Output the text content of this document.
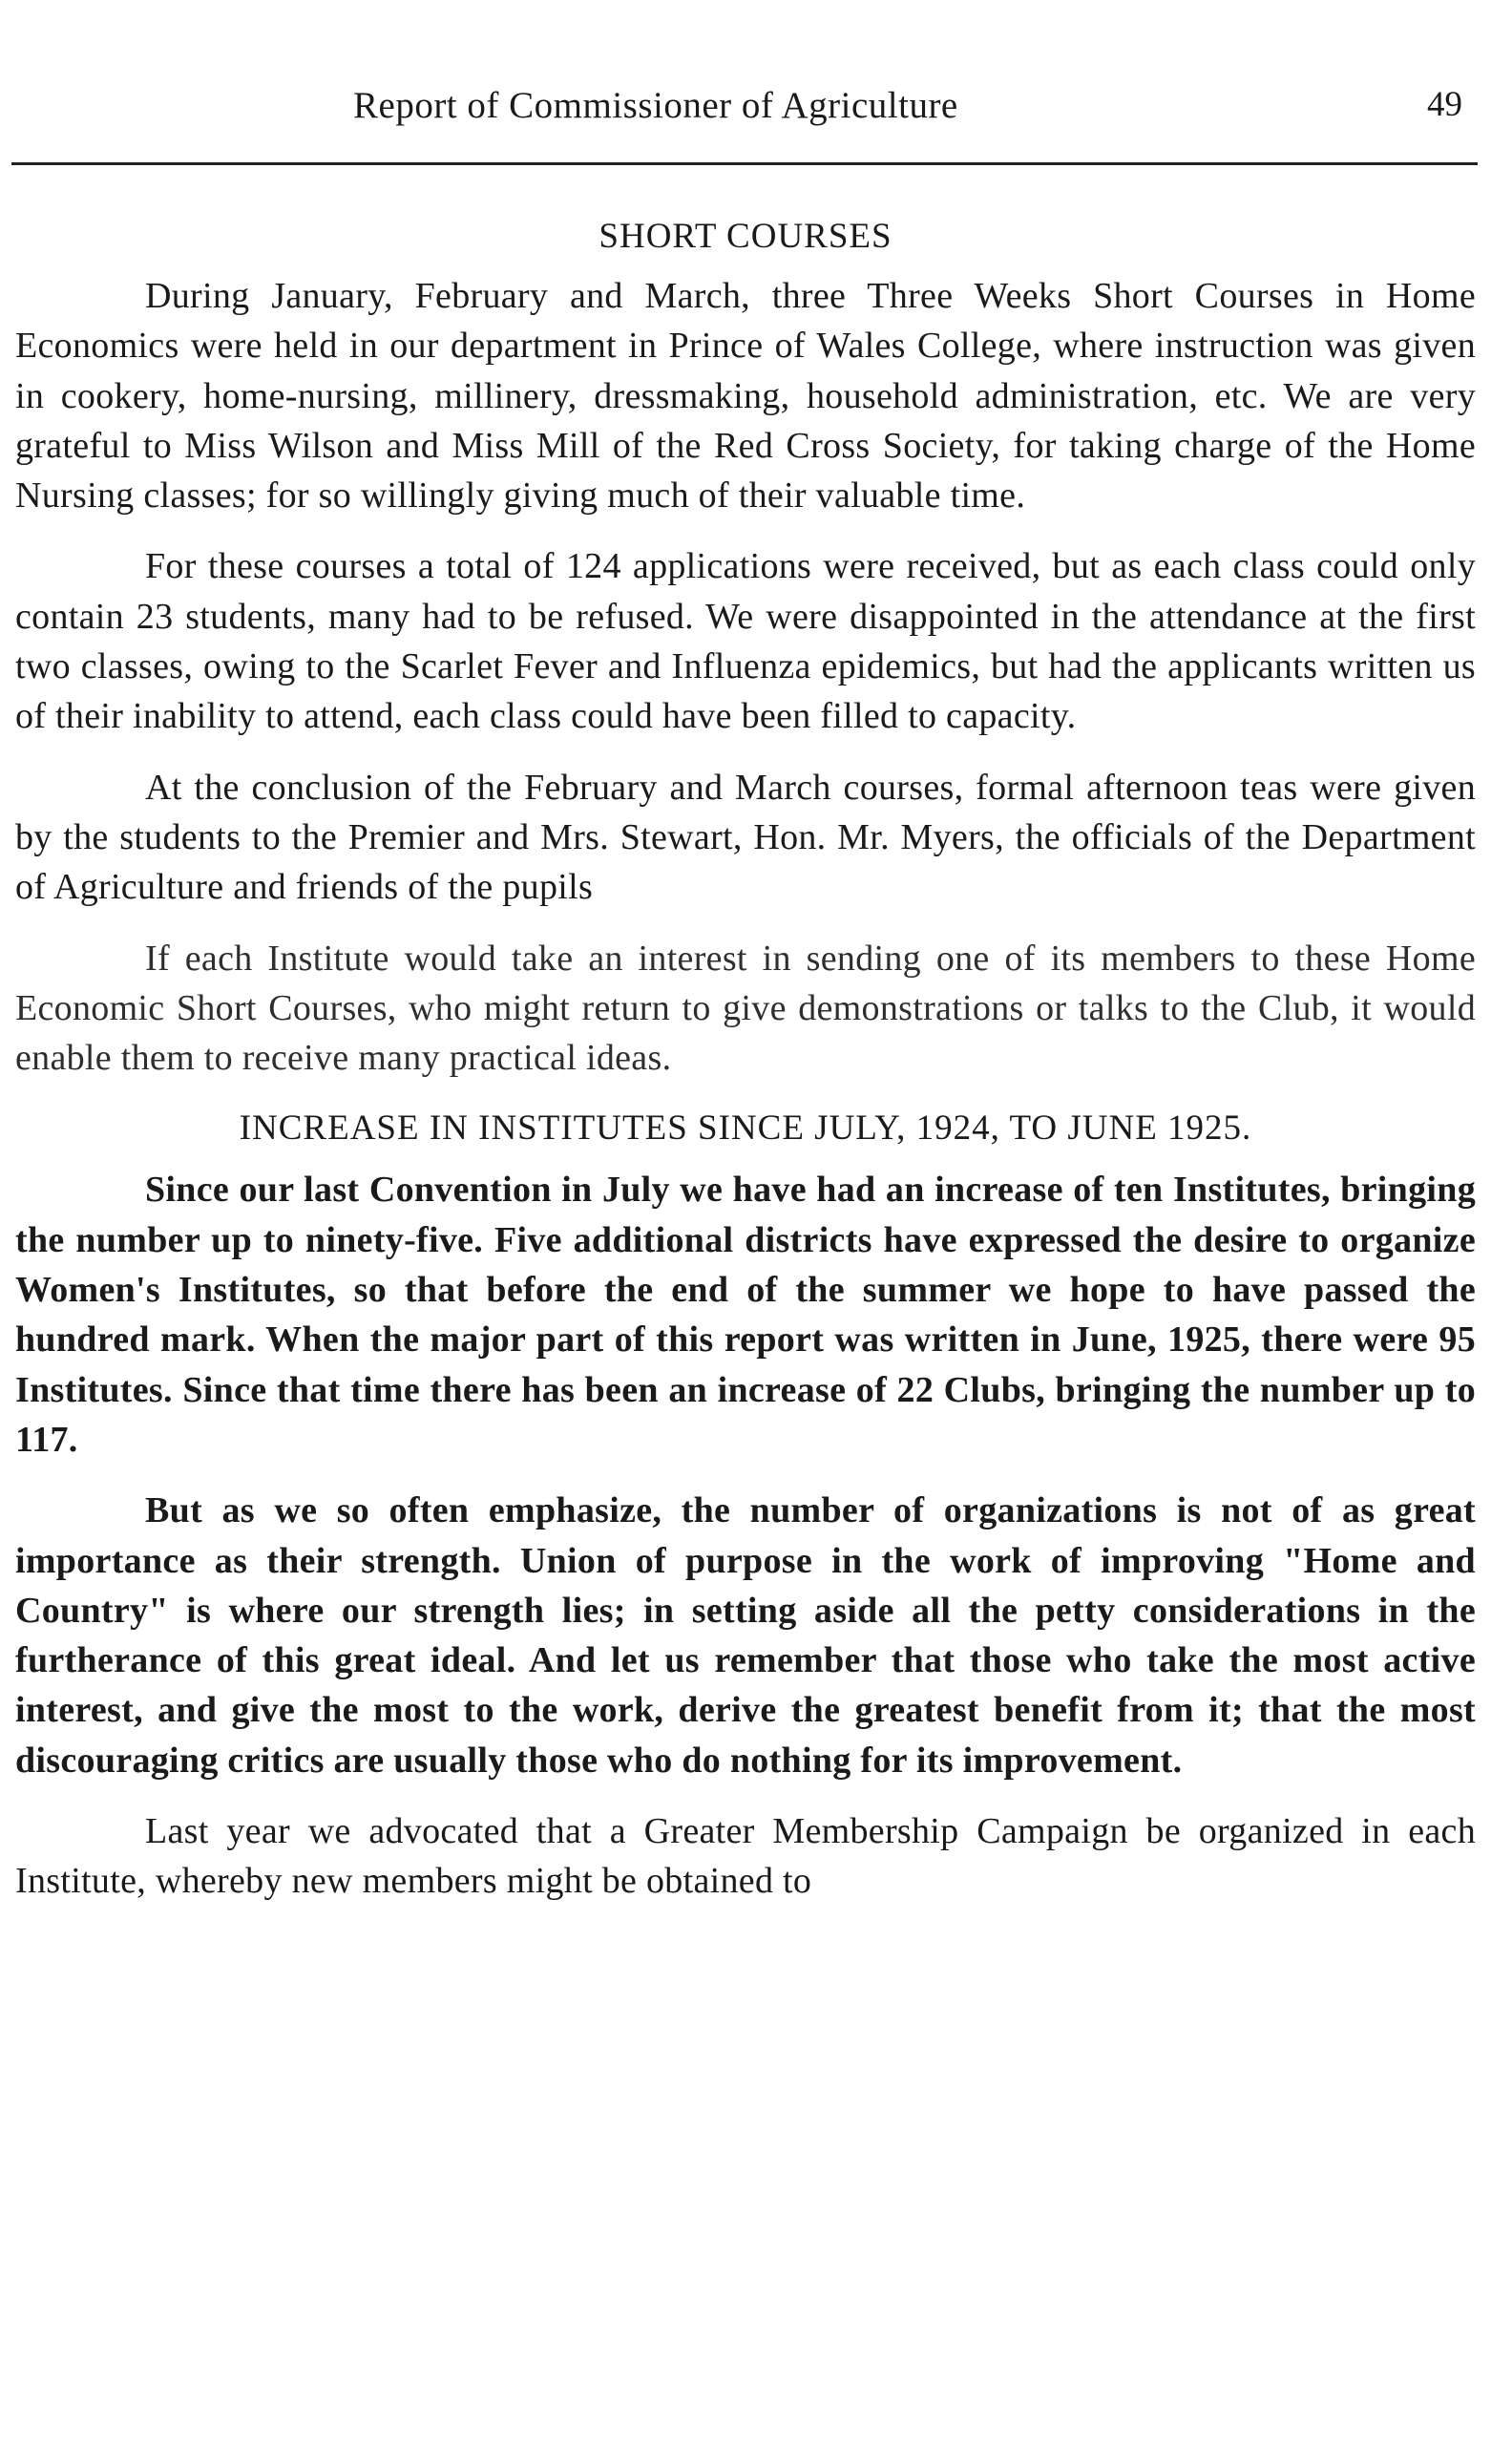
Report of Commissioner of Agriculture	49
SHORT COURSES

During January, February and March, three Three Weeks Short Courses in Home Economics were held in our department in Prince of Wales College, where instruction was given in cookery, home-nursing, millinery, dressmaking, household administration, etc. We are very grateful to Miss Wilson and Miss Mill of the Red Cross Society, for taking charge of the Home Nursing classes; for so willingly giving much of their valuable time.

For these courses a total of 124 applications were received, but as each class could only contain 23 students, many had to be refused. We were disappointed in the attendance at the first two classes, owing to the Scarlet Fever and Influenza epidemics, but had the applicants written us of their inability to attend, each class could have been filled to capacity.

At the conclusion of the February and March courses, formal afternoon teas were given by the students to the Premier and Mrs. Stewart, Hon. Mr. Myers, the officials of the Department of Agriculture and friends of the pupils

If each Institute would take an interest in sending one of its members to these Home Economic Short Courses, who might return to give demonstrations or talks to the Club, it would enable them to receive many practical ideas.

INCREASE IN INSTITUTES SINCE JULY, 1924, TO JUNE 1925.

Since our last Convention in July we have had an increase of ten Institutes, bringing the number up to ninety-five. Five additional districts have expressed the desire to organize Women's Institutes, so that before the end of the summer we hope to have passed the hundred mark. When the major part of this report was written in June, 1925, there were 95 Institutes. Since that time there has been an increase of 22 Clubs, bringing the number up to 117.

But as we so often emphasize, the number of organizations is not of as great importance as their strength. Union of purpose in the work of improving "Home and Country" is where our strength lies; in setting aside all the petty considerations in the furtherance of this great ideal. And let us remember that those who take the most active interest, and give the most to the work, derive the greatest benefit from it; that the most discouraging critics are usually those who do nothing for its improvement.

Last year we advocated that a Greater Membership Campaign be organized in each Institute, whereby new members might be obtained to
